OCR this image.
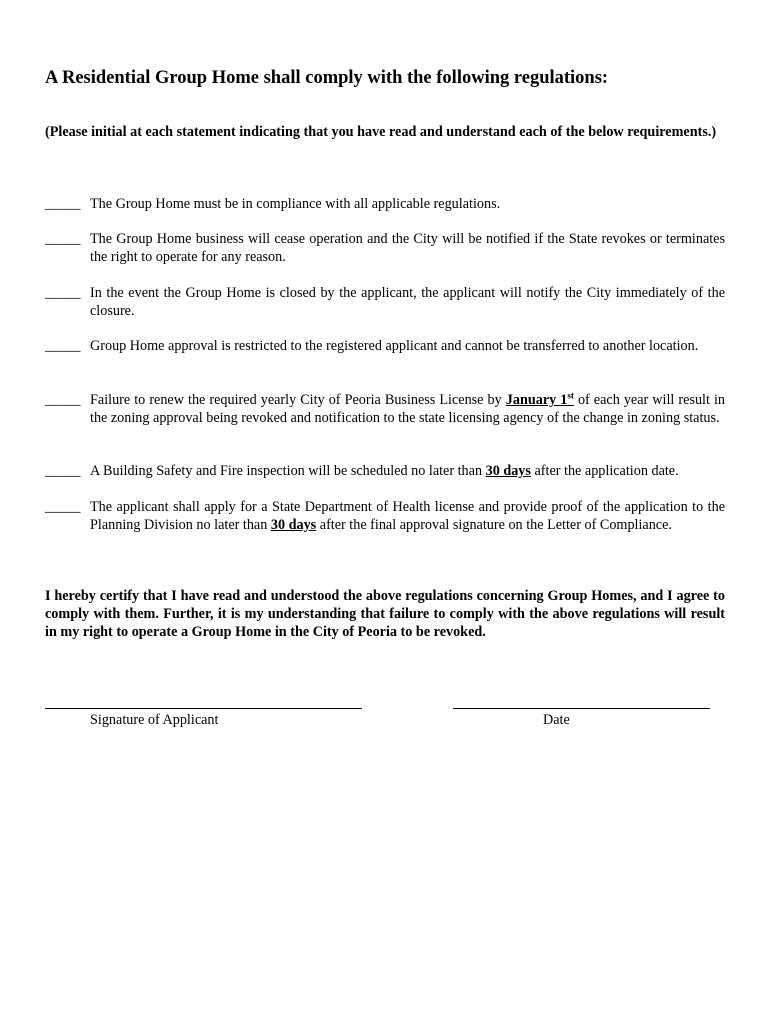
A Residential Group Home shall comply with the following regulations:
(Please initial at each statement indicating that you have read and understand each of the below requirements.)
_____ The Group Home must be in compliance with all applicable regulations.
_____ The Group Home business will cease operation and the City will be notified if the State revokes or terminates the right to operate for any reason.
_____ In the event the Group Home is closed by the applicant, the applicant will notify the City immediately of the closure.
_____ Group Home approval is restricted to the registered applicant and cannot be transferred to another location.
_____ Failure to renew the required yearly City of Peoria Business License by January 1st of each year will result in the zoning approval being revoked and notification to the state licensing agency of the change in zoning status.
_____ A Building Safety and Fire inspection will be scheduled no later than 30 days after the application date.
_____ The applicant shall apply for a State Department of Health license and provide proof of the application to the Planning Division no later than 30 days after the final approval signature on the Letter of Compliance.
I hereby certify that I have read and understood the above regulations concerning Group Homes, and I agree to comply with them. Further, it is my understanding that failure to comply with the above regulations will result in my right to operate a Group Home in the City of Peoria to be revoked.
Signature of Applicant	Date
